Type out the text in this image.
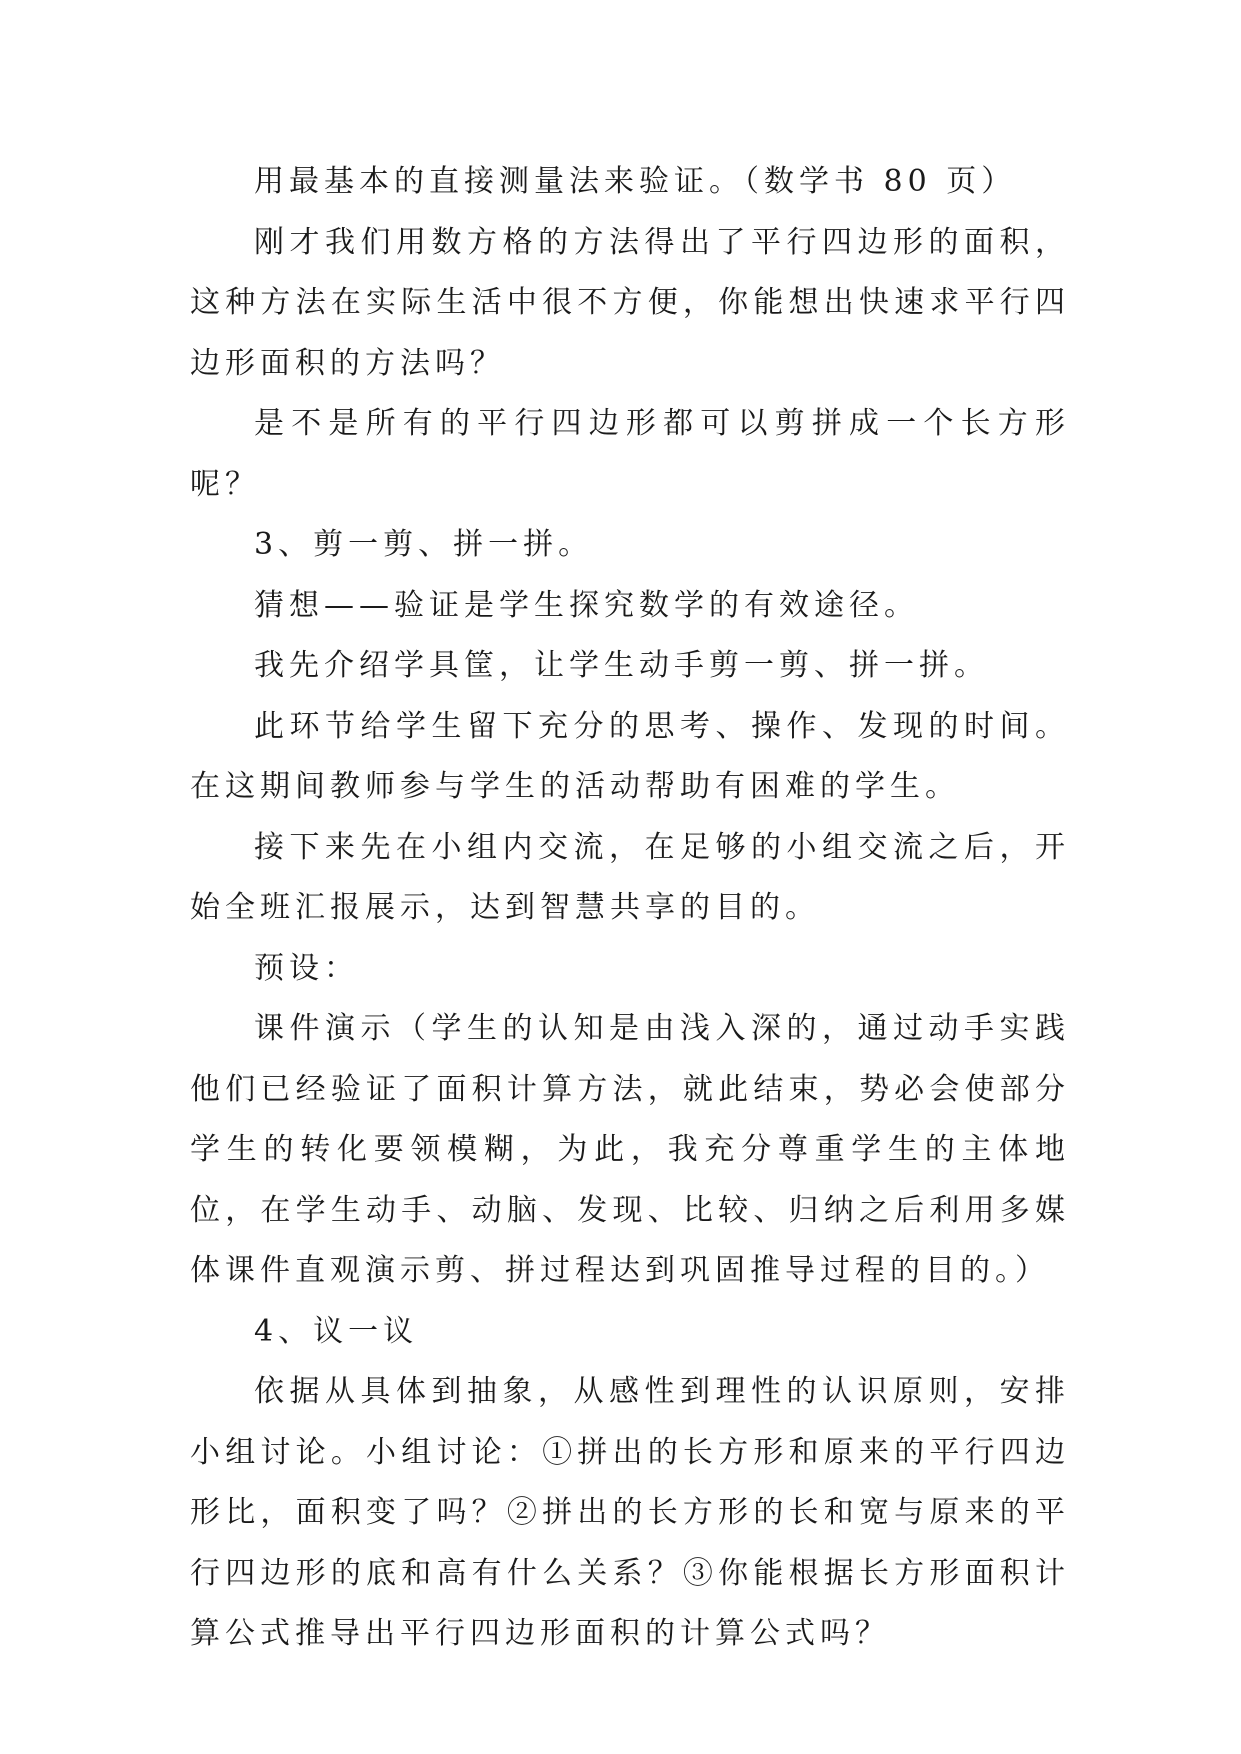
用最基本的直接测量法来验证。（数学书 80 页）

刚才我们用数方格的方法得出了平行四边形的面积，这种方法在实际生活中很不方便，你能想出快速求平行四边形面积的方法吗？

是不是所有的平行四边形都可以剪拼成一个长方形呢？

3、剪一剪、拼一拼。

猜想——验证是学生探究数学的有效途径。

我先介绍学具筐，让学生动手剪一剪、拼一拼。

此环节给学生留下充分的思考、操作、发现的时间。在这期间教师参与学生的活动帮助有困难的学生。

接下来先在小组内交流，在足够的小组交流之后，开始全班汇报展示，达到智慧共享的目的。

预设：

课件演示（学生的认知是由浅入深的，通过动手实践他们已经验证了面积计算方法，就此结束，势必会使部分学生的转化要领模糊，为此，我充分尊重学生的主体地位，在学生动手、动脑、发现、比较、归纳之后利用多媒体课件直观演示剪、拼过程达到巩固推导过程的目的。）

4、议一议

依据从具体到抽象，从感性到理性的认识原则，安排小组讨论。小组讨论：①拼出的长方形和原来的平行四边形比，面积变了吗？②拼出的长方形的长和宽与原来的平行四边形的底和高有什么关系？③你能根据长方形面积计算公式推导出平行四边形面积的计算公式吗？
